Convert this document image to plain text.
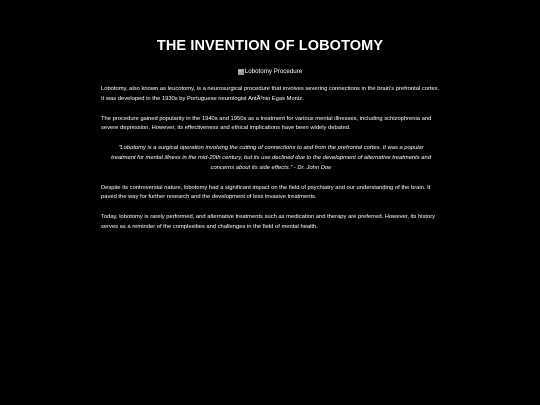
THE INVENTION OF LOBOTOMY
Lobotomy Procedure

Lobotomy, also known as leucotomy, is a neurosurgical procedure that involves severing connections in the brain's prefrontal cortex. It was developed in the 1930s by Portuguese neurologist AntÃ³nio Egas Moniz.

The procedure gained popularity in the 1940s and 1950s as a treatment for various mental illnesses, including schizophrenia and severe depression. However, its effectiveness and ethical implications have been widely debated.

"Lobotomy is a surgical operation involving the cutting of connections to and from the prefrontal cortex. It was a popular treatment for mental illness in the mid-20th century, but its use declined due to the development of alternative treatments and concerns about its side effects." - Dr. John Doe

Despite its controversial nature, lobotomy had a significant impact on the field of psychiatry and our understanding of the brain. It paved the way for further research and the development of less invasive treatments.

Today, lobotomy is rarely performed, and alternative treatments such as medication and therapy are preferred. However, its history serves as a reminder of the complexities and challenges in the field of mental health.
